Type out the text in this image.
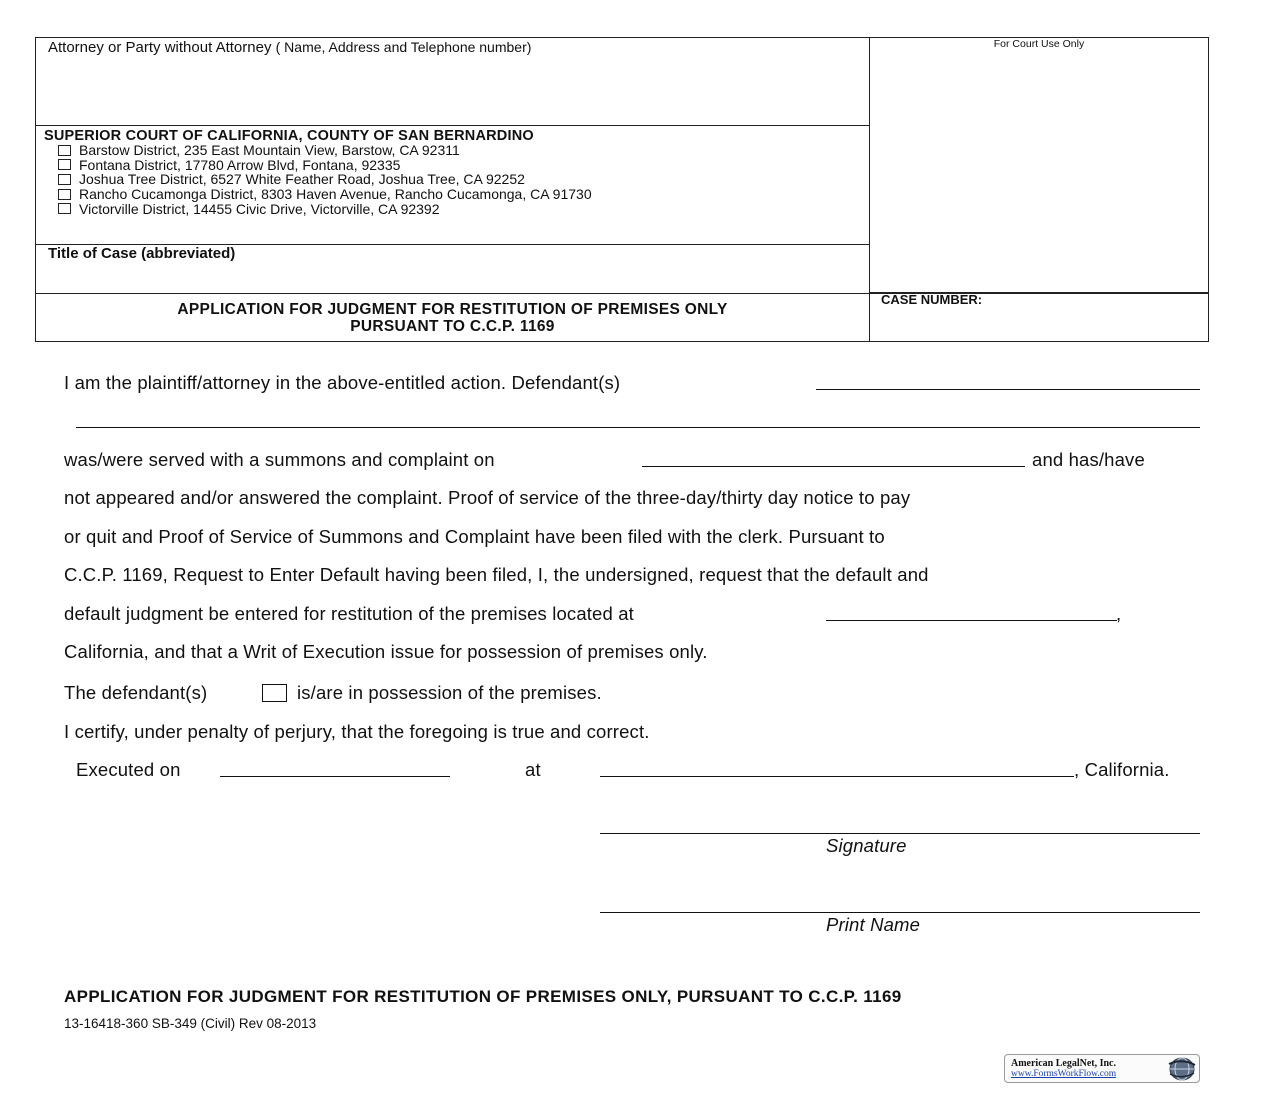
Attorney or Party without Attorney ( Name, Address and Telephone number)	For Court Use Only
SUPERIOR COURT OF CALIFORNIA, COUNTY OF SAN BERNARDINO
Barstow District, 235 East Mountain View, Barstow, CA 92311
Fontana District, 17780 Arrow Blvd, Fontana, 92335
Joshua Tree District, 6527 White Feather Road, Joshua Tree, CA 92252
Rancho Cucamonga District, 8303 Haven Avenue, Rancho Cucamonga, CA 91730
Victorville District, 14455 Civic Drive, Victorville, CA 92392
Title of Case (abbreviated)
APPLICATION FOR JUDGMENT FOR RESTITUTION OF PREMISES ONLY
PURSUANT TO C.C.P. 1169
CASE NUMBER:
I am the plaintiff/attorney in the above-entitled action. Defendant(s)
was/were served with a summons and complaint on	and has/have
not appeared and/or answered the complaint. Proof of service of the three-day/thirty day notice to pay
or quit and Proof of Service of Summons and Complaint have been filed with the clerk. Pursuant to
C.C.P. 1169, Request to Enter Default having been filed, I, the undersigned, request that the default and
default judgment be entered for restitution of the premises located at	,
California, and that a Writ of Execution issue for possession of premises only.
The defendant(s)	is/are in possession of the premises.
I certify, under penalty of perjury, that the foregoing is true and correct.
Executed on	at	, California.
Signature
Print Name
APPLICATION FOR JUDGMENT FOR RESTITUTION OF PREMISES ONLY, PURSUANT TO C.C.P. 1169
13-16418-360 SB-349 (Civil) Rev 08-2013
American LegalNet, Inc.
www.FormsWorkFlow.com
